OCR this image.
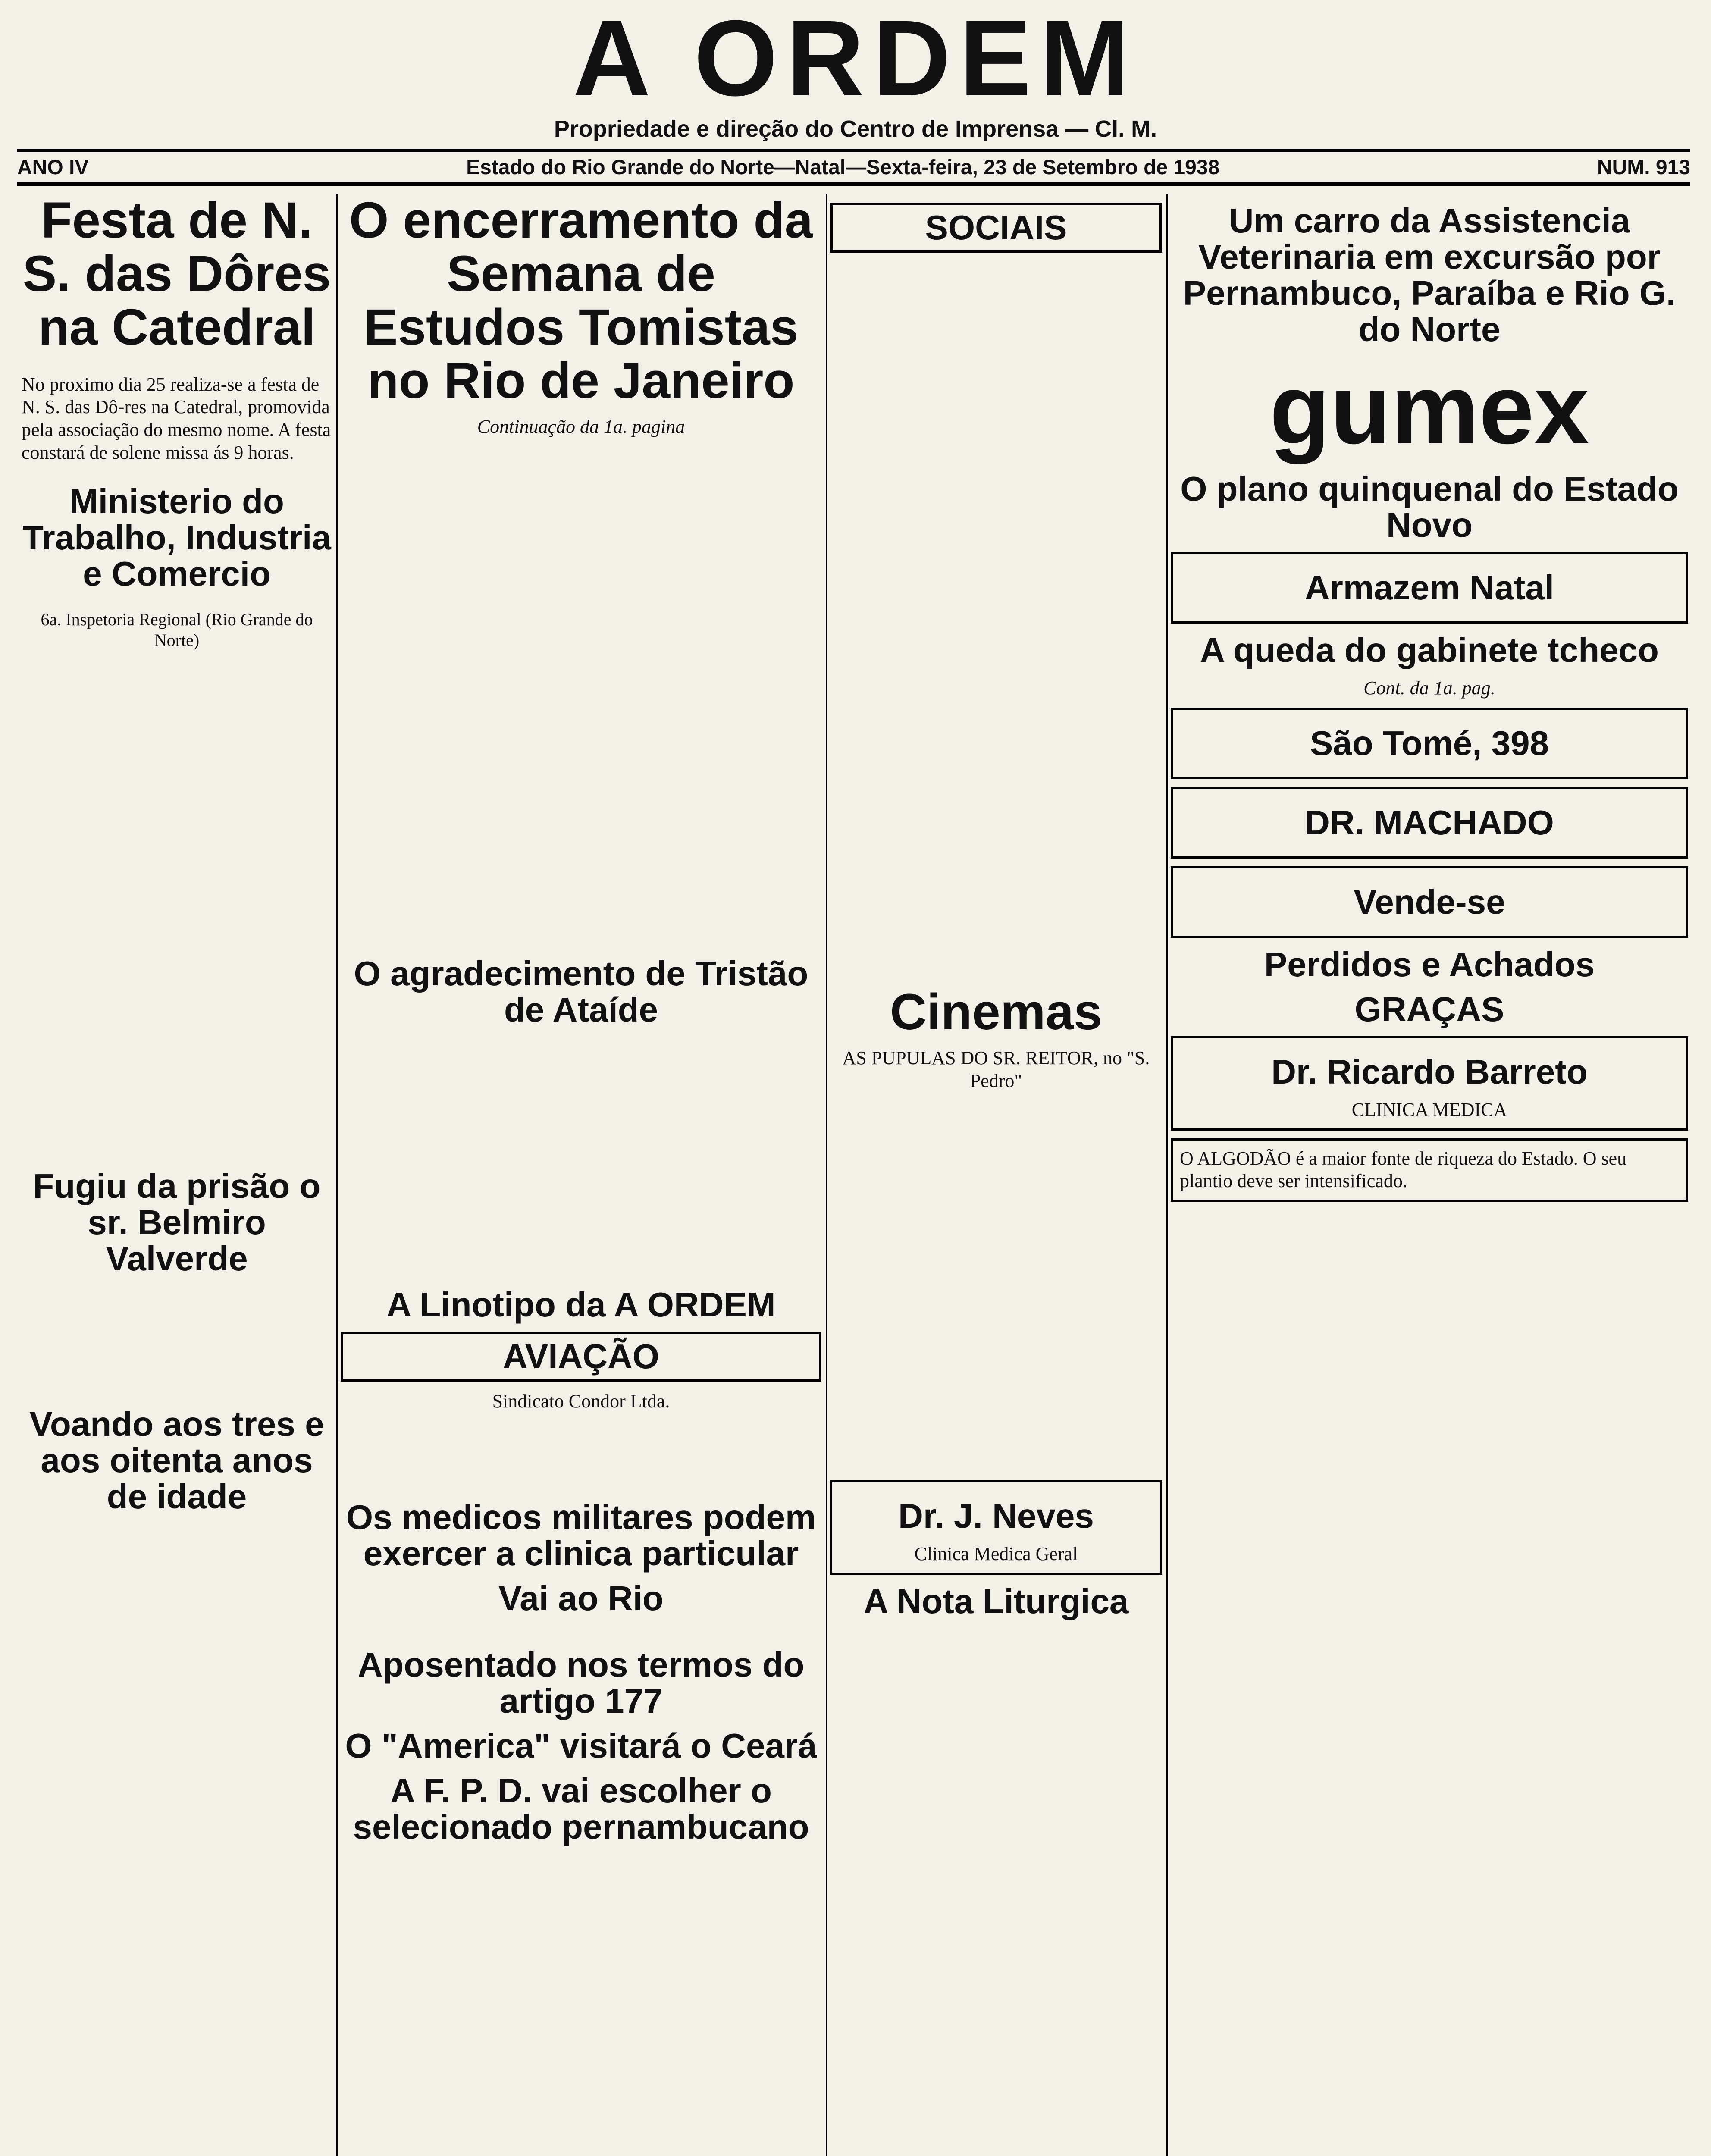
A ORDEM
Propriedade e direção do Centro de Imprensa — Cl. M.
ANO IV	Estado do Rio Grande do Norte—Natal—Sexta-feira, 23 de Setembro de 1938	NUM. 913
Festa de N. S. das Dôres na Catedral

No proximo dia 25 realiza-se a festa de N. S. das Dô-res na Catedral, promovida pela associação do mesmo nome. A festa constará de solene missa ás 9 horas.

Ministerio do Trabalho, Industria e Comercio

6a. Inspetoria Regional (Rio Grande do Norte)

Fugiu da prisão o sr. Belmiro Valverde
Voando aos tres e aos oitenta anos de idade
O encerramento da Semana de Estudos Tomistas no Rio de Janeiro
Continuação da 1a. pagina
O agradecimento de Tristão de Ataíde
A Linotipo da A ORDEM
AVIAÇÃO
Sindicato Condor Ltda.
Os medicos militares podem exercer a clinica particular
Vai ao Rio
Aposentado nos termos do artigo 177
O "America" visitará o Ceará
A F. P. D. vai escolher o selecionado pernambucano
SOCIAIS
Cinemas
AS PUPULAS DO SR. REITOR, no "S. Pedro"
Dr. J. Neves
Clinica Medica Geral
A Nota Liturgica
Um carro da Assistencia Veterinaria em excursão por Pernambuco, Paraíba e Rio G. do Norte
gumex
O plano quinquenal do Estado Novo
Armazem Natal
A queda do gabinete tcheco
Cont. da 1a. pag.
São Tomé, 398
DR. MACHADO
Vende-se
Perdidos e Achados
GRAÇAS
Dr. Ricardo Barreto
CLINICA MEDICA
O ALGODÃO é a maior fonte de riqueza do Estado. O seu plantio deve ser intensificado.
